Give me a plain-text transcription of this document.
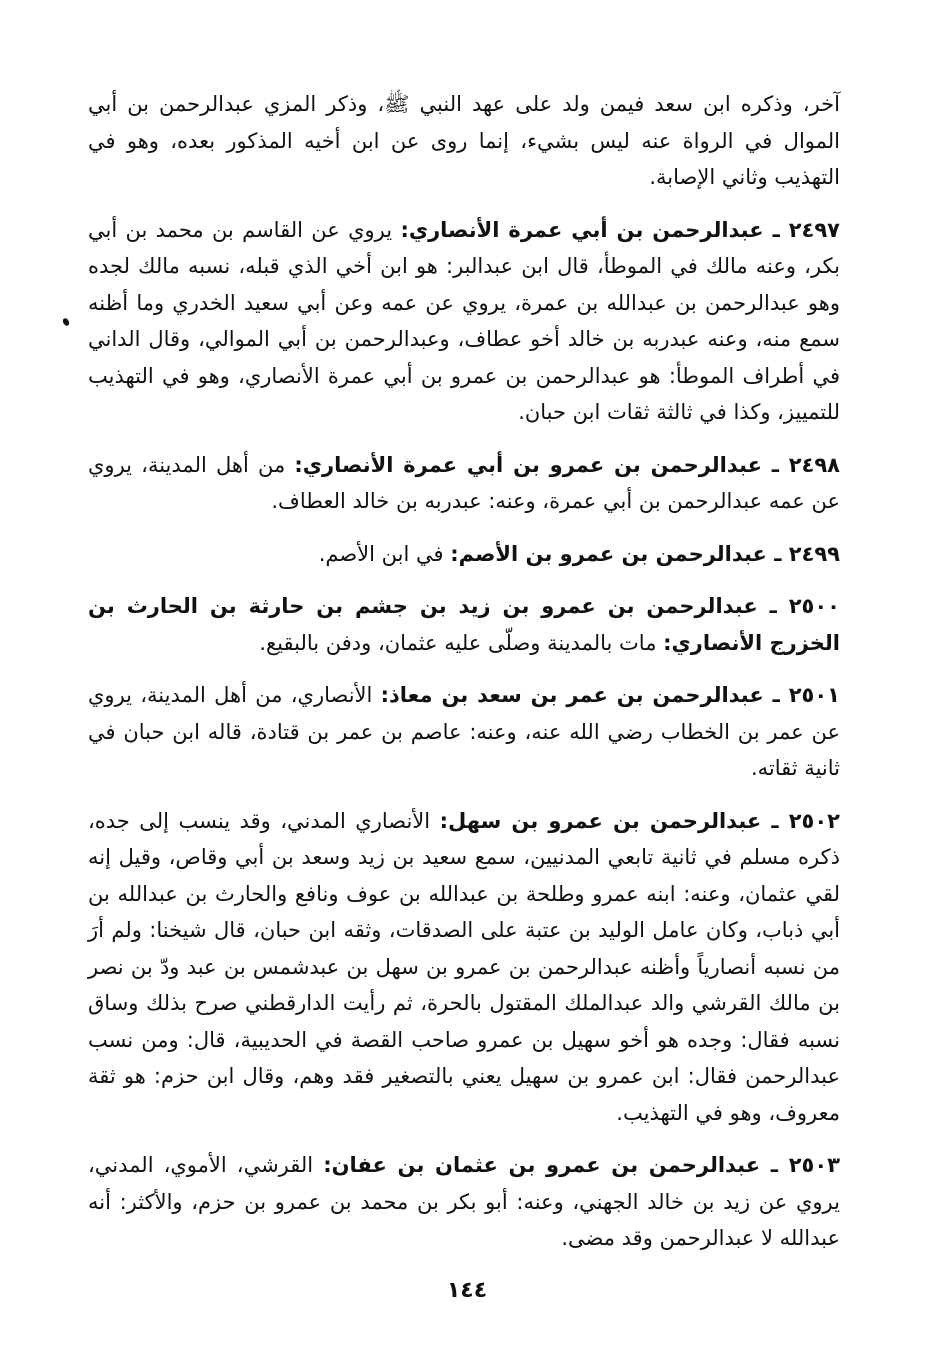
آخر، وذكره ابن سعد فيمن ولد على عهد النبي ﷺ، وذكر المزي عبدالرحمن بن أبي الموال في الرواة عنه ليس بشيء، إنما روى عن ابن أخيه المذكور بعده، وهو في التهذيب وثاني الإصابة.

٢٤٩٧ ـ عبدالرحمن بن أبي عمرة الأنصاري: يروي عن القاسم بن محمد بن أبي بكر، وعنه مالك في الموطأ، قال ابن عبدالبر: هو ابن أخي الذي قبله، نسبه مالك لجده وهو عبدالرحمن بن عبدالله بن عمرة، يروي عن عمه وعن أبي سعيد الخدري وما أظنه سمع منه، وعنه عبدربه بن خالد أخو عطاف، وعبدالرحمن بن أبي الموالي، وقال الداني في أطراف الموطأ: هو عبدالرحمن بن عمرو بن أبي عمرة الأنصاري، وهو في التهذيب للتمييز، وكذا في ثالثة ثقات ابن حبان.

٢٤٩٨ ـ عبدالرحمن بن عمرو بن أبي عمرة الأنصاري: من أهل المدينة، يروي عن عمه عبدالرحمن بن أبي عمرة، وعنه: عبدربه بن خالد العطاف.

٢٤٩٩ ـ عبدالرحمن بن عمرو بن الأصم: في ابن الأصم.

٢٥٠٠ ـ عبدالرحمن بن عمرو بن زيد بن جشم بن حارثة بن الحارث بن الخزرج الأنصاري: مات بالمدينة وصلّى عليه عثمان، ودفن بالبقيع.

٢٥٠١ ـ عبدالرحمن بن عمر بن سعد بن معاذ: الأنصاري، من أهل المدينة، يروي عن عمر بن الخطاب رضي الله عنه، وعنه: عاصم بن عمر بن قتادة، قاله ابن حبان في ثانية ثقاته.

٢٥٠٢ ـ عبدالرحمن بن عمرو بن سهل: الأنصاري المدني، وقد ينسب إلى جده، ذكره مسلم في ثانية تابعي المدنيين، سمع سعيد بن زيد وسعد بن أبي وقاص، وقيل إنه لقي عثمان، وعنه: ابنه عمرو وطلحة بن عبدالله بن عوف ونافع والحارث بن عبدالله بن أبي ذباب، وكان عامل الوليد بن عتبة على الصدقات، وثقه ابن حبان، قال شيخنا: ولم أرَ من نسبه أنصارياً وأظنه عبدالرحمن بن عمرو بن سهل بن عبدشمس بن عبد ودّ بن نصر بن مالك القرشي والد عبدالملك المقتول بالحرة، ثم رأيت الدارقطني صرح بذلك وساق نسبه فقال: وجده هو أخو سهيل بن عمرو صاحب القصة في الحديبية، قال: ومن نسب عبدالرحمن فقال: ابن عمرو بن سهيل يعني بالتصغير فقد وهم، وقال ابن حزم: هو ثقة معروف، وهو في التهذيب.

٢٥٠٣ ـ عبدالرحمن بن عمرو بن عثمان بن عفان: القرشي، الأموي، المدني، يروي عن زيد بن خالد الجهني، وعنه: أبو بكر بن محمد بن عمرو بن حزم، والأكثر: أنه عبدالله لا عبدالرحمن وقد مضى.

١٤٤
